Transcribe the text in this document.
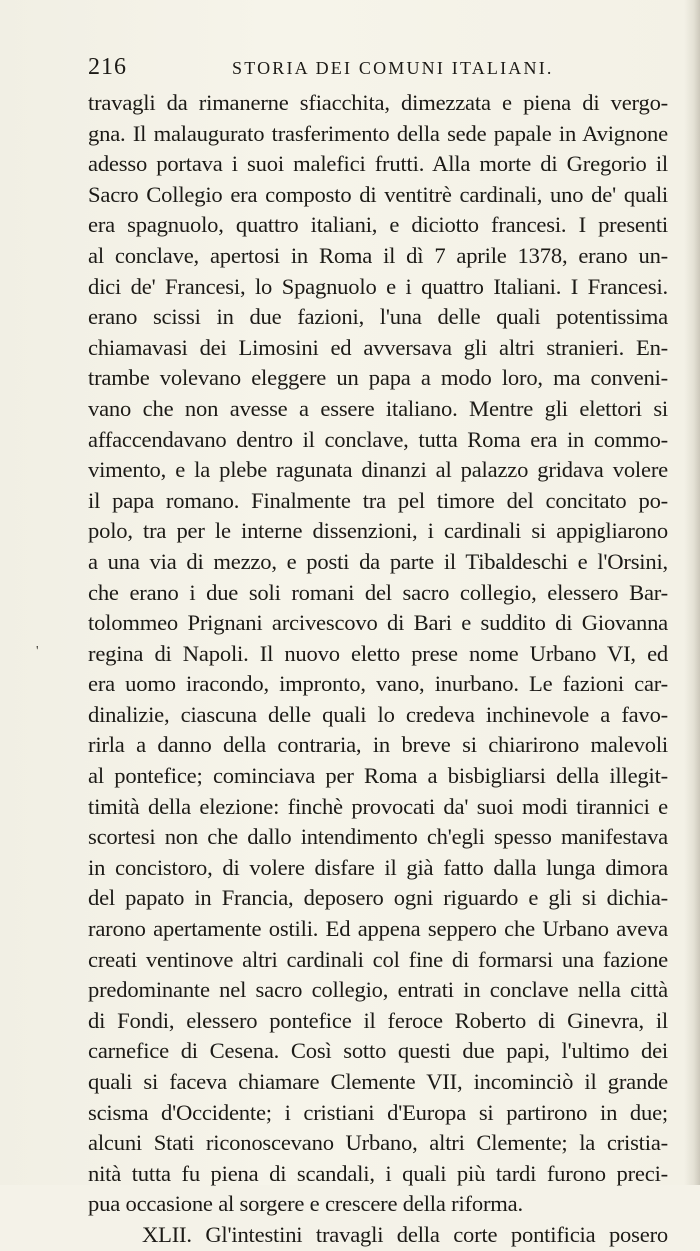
216	STORIA DEI COMUNI ITALIANI.
'
travagli da rimanerne sfiacchita, dimezzata e piena di vergo-
gna. Il malaugurato trasferimento della sede papale in Avignone
adesso portava i suoi malefici frutti. Alla morte di Gregorio il
Sacro Collegio era composto di ventitrè cardinali, uno de' quali
era spagnuolo, quattro italiani, e diciotto francesi. I presenti
al conclave, apertosi in Roma il dì 7 aprile 1378, erano un-
dici de' Francesi, lo Spagnuolo e i quattro Italiani. I Francesi.
erano scissi in due fazioni, l'una delle quali potentissima
chiamavasi dei Limosini ed avversava gli altri stranieri. En-
trambe volevano eleggere un papa a modo loro, ma conveni-
vano che non avesse a essere italiano. Mentre gli elettori si
affaccendavano dentro il conclave, tutta Roma era in commo-
vimento, e la plebe ragunata dinanzi al palazzo gridava volere
il papa romano. Finalmente tra pel timore del concitato po-
polo, tra per le interne dissenzioni, i cardinali si appigliarono
a una via di mezzo, e posti da parte il Tibaldeschi e l'Orsini,
che erano i due soli romani del sacro collegio, elessero Bar-
tolommeo Prignani arcivescovo di Bari e suddito di Giovanna
regina di Napoli. Il nuovo eletto prese nome Urbano VI, ed
era uomo iracondo, impronto, vano, inurbano. Le fazioni car-
dinalizie, ciascuna delle quali lo credeva inchinevole a favo-
rirla a danno della contraria, in breve si chiarirono malevoli
al pontefice; cominciava per Roma a bisbigliarsi della illegit-
timità della elezione: finchè provocati da' suoi modi tirannici e
scortesi non che dallo intendimento ch'egli spesso manifestava
in concistoro, di volere disfare il già fatto dalla lunga dimora
del papato in Francia, deposero ogni riguardo e gli si dichia-
rarono apertamente ostili. Ed appena seppero che Urbano aveva
creati ventinove altri cardinali col fine di formarsi una fazione
predominante nel sacro collegio, entrati in conclave nella città
di Fondi, elessero pontefice il feroce Roberto di Ginevra, il
carnefice di Cesena. Così sotto questi due papi, l'ultimo dei
quali si faceva chiamare Clemente VII, incominciò il grande
scisma d'Occidente; i cristiani d'Europa si partirono in due;
alcuni Stati riconoscevano Urbano, altri Clemente; la cristia-
nità tutta fu piena di scandali, i quali più tardi furono preci-
pua occasione al sorgere e crescere della riforma.
XLII. Gl'intestini travagli della corte pontificia posero
